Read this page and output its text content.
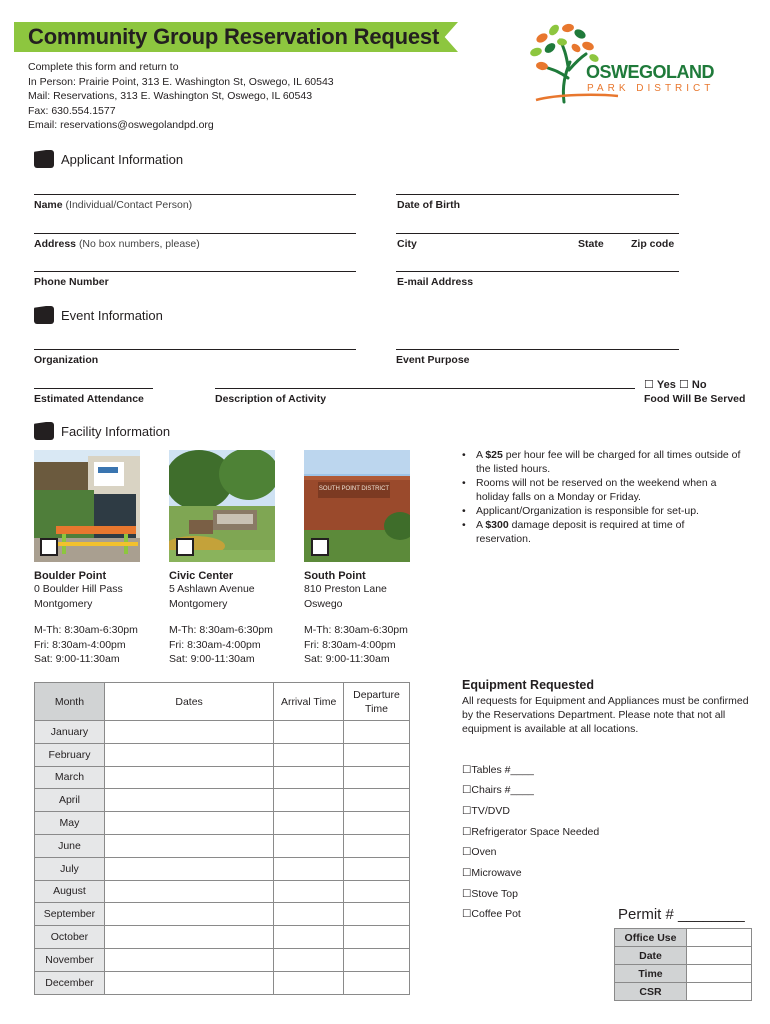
Community Group Reservation Request
Complete this form and return to
In Person: Prairie Point, 313 E. Washington St, Oswego, IL 60543
Mail: Reservations, 313 E. Washington St, Oswego, IL 60543
Fax: 630.554.1577
Email: reservations@oswegolandpd.org
OSWEGOLAND
PARK DISTRICT
Applicant Information
Name (Individual/Contact Person)	Date of Birth
Address (No box numbers, please)	City	State	Zip code
Phone Number	E-mail Address
Event Information
Organization	Event Purpose
Estimated Attendance	Description of Activity
☐ Yes ☐ No
Food Will Be Served
Facility Information
SOUTH POINT DISTRICT
Boulder Point
0 Boulder Hill Pass
Montgomery
M-Th: 8:30am-6:30pm
Fri: 8:30am-4:00pm
Sat: 9:00-11:30am
Civic Center
5 Ashlawn Avenue
Montgomery
M-Th: 8:30am-6:30pm
Fri: 8:30am-4:00pm
Sat: 9:00-11:30am
South Point
810 Preston Lane
Oswego
M-Th: 8:30am-6:30pm
Fri: 8:30am-4:00pm
Sat: 9:00-11:30am
• A $25 per hour fee will be charged for all times outside of the listed hours.
• Rooms will not be reserved on the weekend when a holiday falls on a Monday or Friday.
• Applicant/Organization is responsible for set-up.
• A $300 damage deposit is required at time of reservation.
Month	Dates	Arrival Time	Departure
Time
January			
February			
March			
April			
May			
June			
July			
August			
September			
October			
November			
December			
Equipment Requested
All requests for Equipment and Appliances must be confirmed by the Reservations Department. Please note that not all equipment is available at all locations.
☐Tables #____
☐Chairs #____
☐TV/DVD
☐Refrigerator Space Needed
☐Oven
☐Microwave
☐Stove Top
☐Coffee Pot	Permit # ________
Office Use	
Date	
Time	
CSR	
